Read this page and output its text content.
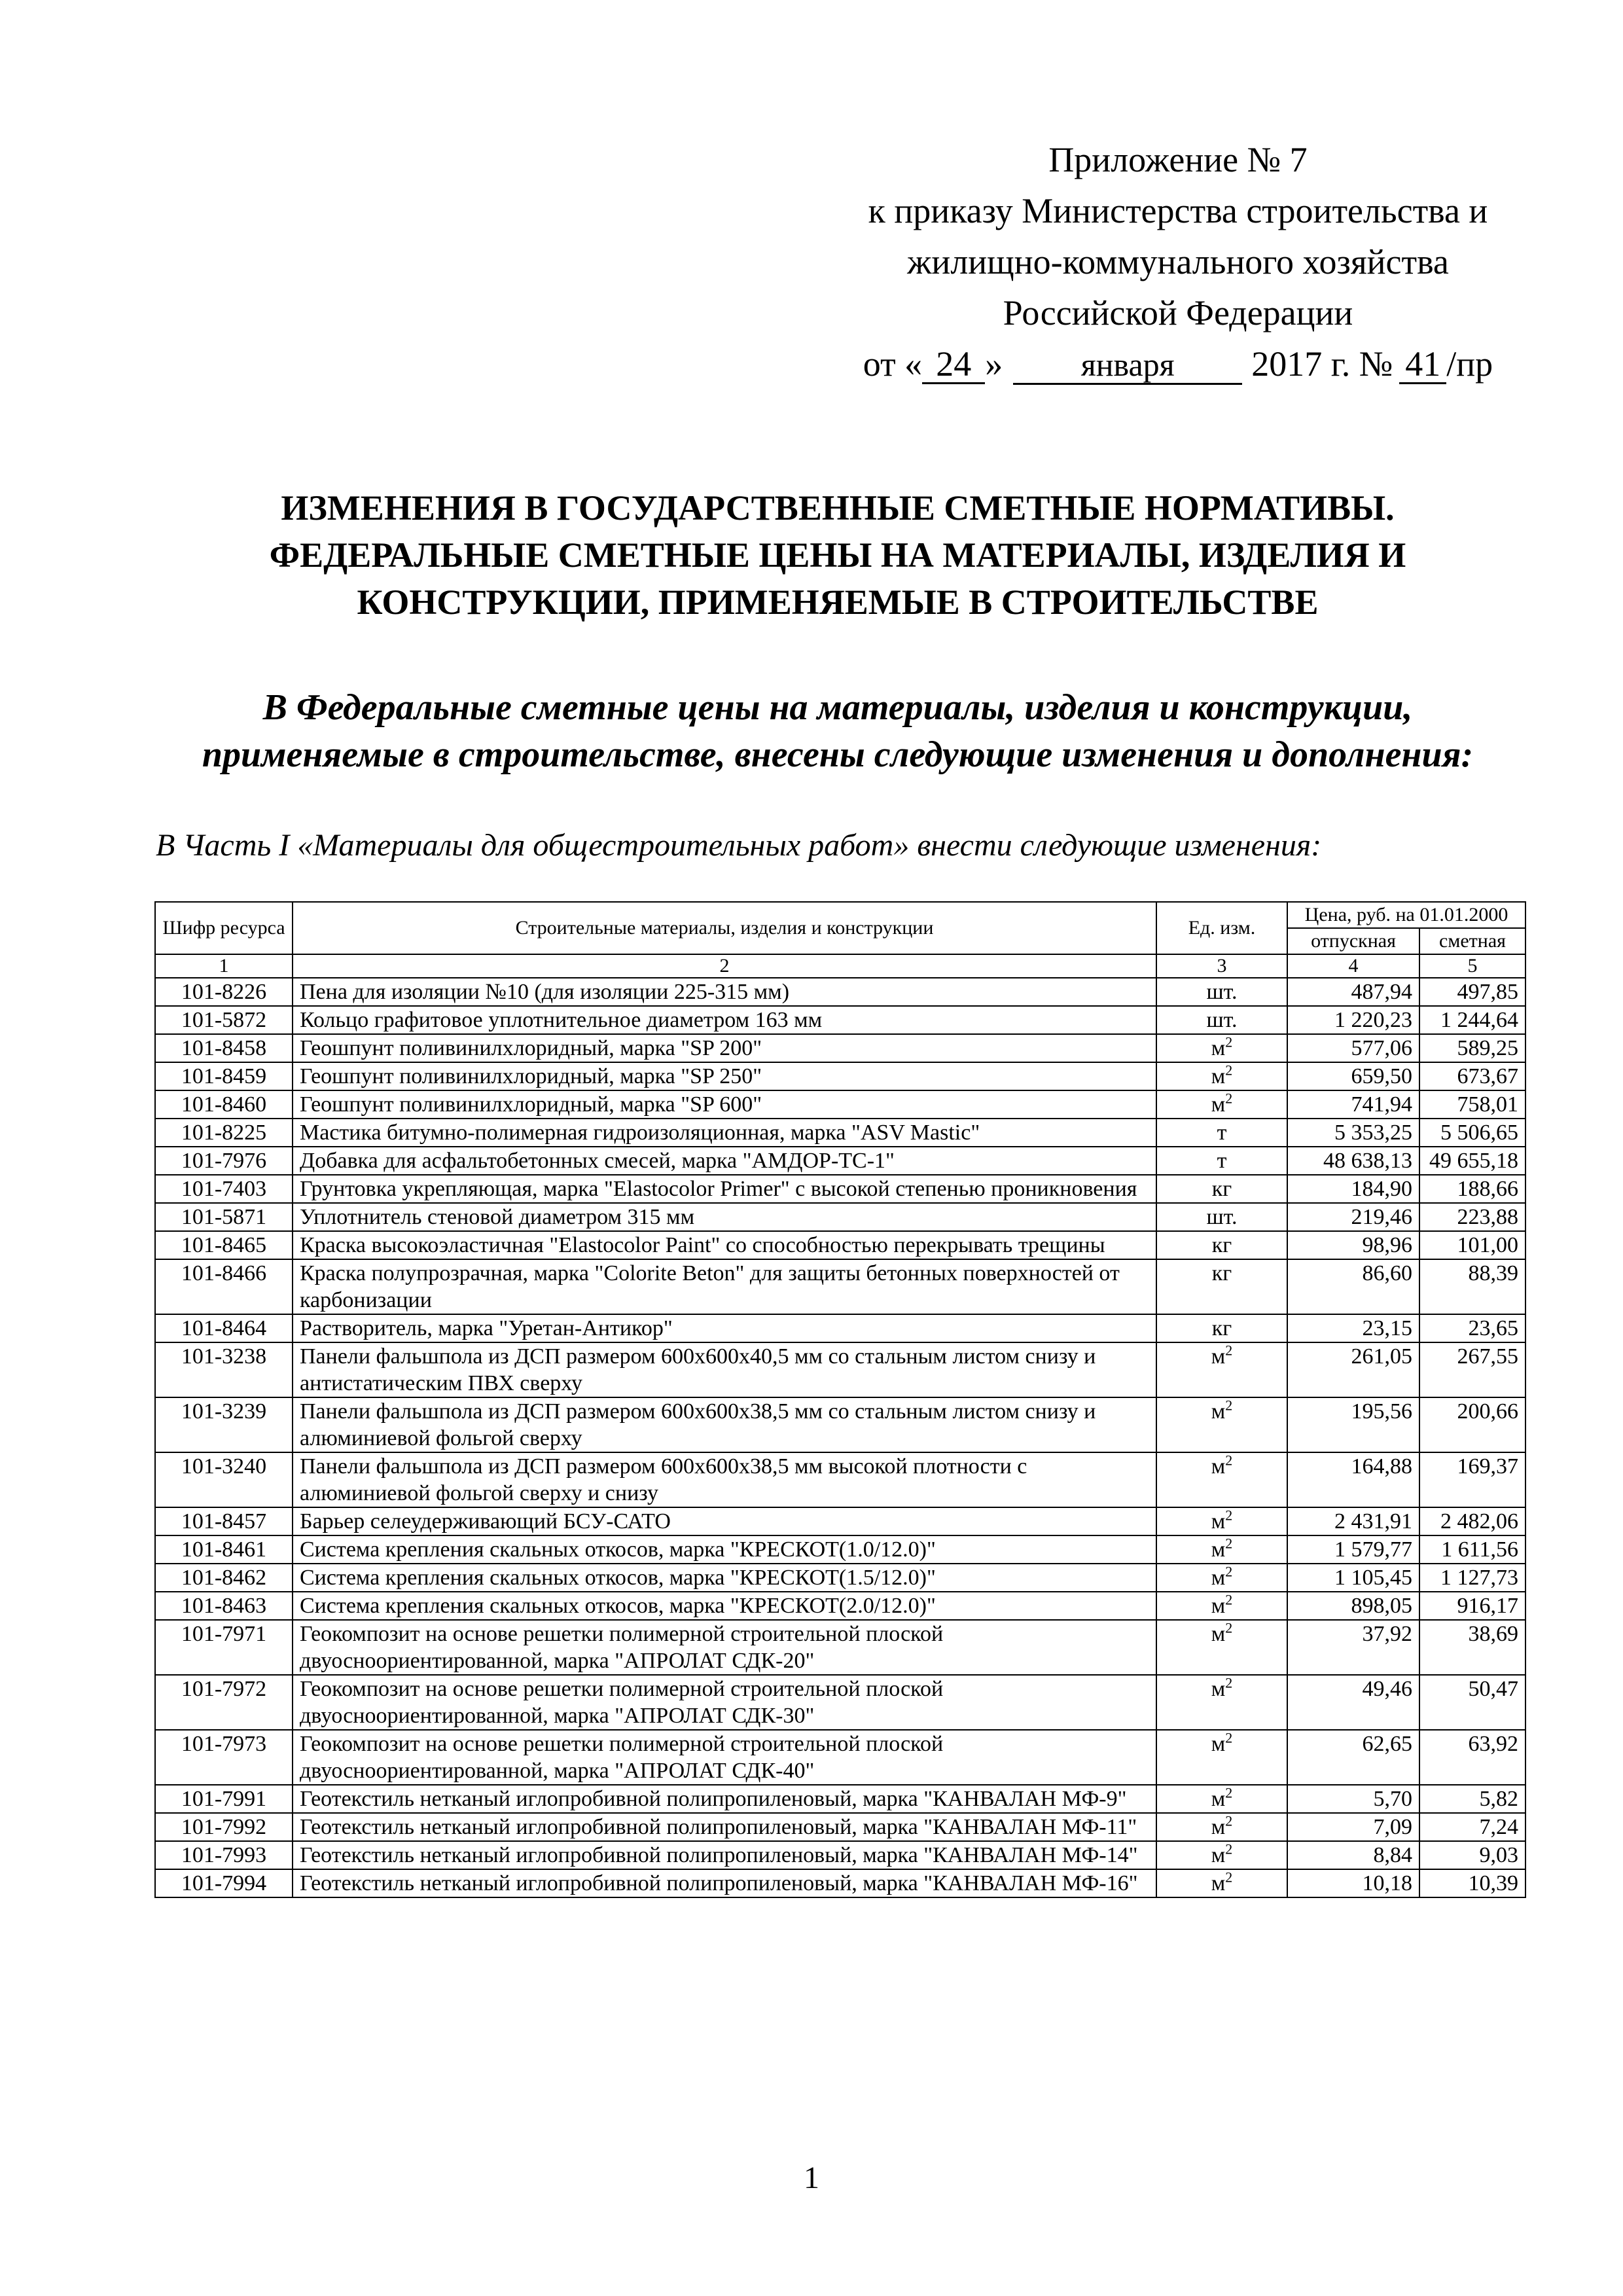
Приложение № 7
к приказу Министерства строительства и
жилищно-коммунального хозяйства
Российской Федерации
от « 24 »	января	2017 г. № 41 /пр
ИЗМЕНЕНИЯ В ГОСУДАРСТВЕННЫЕ СМЕТНЫЕ НОРМАТИВЫ.
ФЕДЕРАЛЬНЫЕ СМЕТНЫЕ ЦЕНЫ НА МАТЕРИАЛЫ, ИЗДЕЛИЯ И
КОНСТРУКЦИИ, ПРИМЕНЯЕМЫЕ В СТРОИТЕЛЬСТВЕ
В Федеральные сметные цены на материалы, изделия и конструкции,
применяемые в строительстве, внесены следующие изменения и дополнения:
В Часть I «Материалы для общестроительных работ» внести следующие изменения:
Шифр ресурса	Строительные материалы, изделия и конструкции	Ед. изм.	Цена, руб. на 01.01.2000	
			отпускная	сметная
1	2	3	4	5
101-8226	Пена для изоляции №10 (для изоляции 225-315 мм)	шт.	487,94	497,85
101-5872	Кольцо графитовое уплотнительное диаметром 163 мм	шт.	1 220,23	1 244,64
101-8458	Геошпунт поливинилхлоридный, марка "SP 200"	$м^2$	577,06	589,25
101-8459	Геошпунт поливинилхлоридный, марка "SP 250"	$м^2$	659,50	673,67
101-8460	Геошпунт поливинилхлоридный, марка "SP 600"	$м^2$	741,94	758,01
101-8225	Мастика битумно-полимерная гидроизоляционная, марка "ASV Mastic"	т	5 353,25	5 506,65
101-7976	Добавка для асфальтобетонных смесей, марка "АМДОР-ТС-1"	т	48 638,13	49 655,18
101-7403	Грунтовка укрепляющая, марка "Elastocolor Primer" с высокой степенью проникновения	кг	184,90	188,66
101-5871	Уплотнитель стеновой диаметром 315 мм	шт.	219,46	223,88
101-8465	Краска высокоэластичная "Elastocolor Paint" со способностью перекрывать трещины	кг	98,96	101,00
101-8466	Краска полупрозрачная, марка "Colorite Beton" для защиты бетонных поверхностей от карбонизации	кг	86,60	88,39
101-8464	Растворитель, марка "Уретан-Антикор"	кг	23,15	23,65
101-3238	Панели фальшпола из ДСП размером 600x600x40,5 мм со стальным листом снизу и антистатическим ПВХ сверху	$м^2$	261,05	267,55
101-3239	Панели фальшпола из ДСП размером 600x600x38,5 мм со стальным листом снизу и алюминиевой фольгой сверху	$м^2$	195,56	200,66
101-3240	Панели фальшпола из ДСП размером 600x600x38,5 мм высокой плотности с алюминиевой фольгой сверху и снизу	$м^2$	164,88	169,37
101-8457	Барьер селеудерживающий БСУ-САТО	$м^2$	2 431,91	2 482,06
101-8461	Система крепления скальных откосов, марка "КРЕСКОТ(1.0/12.0)"	$м^2$	1 579,77	1 611,56
101-8462	Система крепления скальных откосов, марка "КРЕСКОТ(1.5/12.0)"	$м^2$	1 105,45	1 127,73
101-8463	Система крепления скальных откосов, марка "КРЕСКОТ(2.0/12.0)"	$м^2$	898,05	916,17
101-7971	Геокомпозит на основе решетки полимерной строительной плоской двуосноориентированной, марка "АПРОЛАТ СДК-20"	$м^2$	37,92	38,69
101-7972	Геокомпозит на основе решетки полимерной строительной плоской двуосноориентированной, марка "АПРОЛАТ СДК-30"	$м^2$	49,46	50,47
101-7973	Геокомпозит на основе решетки полимерной строительной плоской двуосноориентированной, марка "АПРОЛАТ СДК-40"	$м^2$	62,65	63,92
101-7991	Геотекстиль нетканый иглопробивной полипропиленовый, марка "КАНВАЛАН МФ-9"	$м^2$	5,70	5,82
101-7992	Геотекстиль нетканый иглопробивной полипропиленовый, марка "КАНВАЛАН МФ-11"	$м^2$	7,09	7,24
101-7993	Геотекстиль нетканый иглопробивной полипропиленовый, марка "КАНВАЛАН МФ-14"	$м^2$	8,84	9,03
101-7994	Геотекстиль нетканый иглопробивной полипропиленовый, марка "КАНВАЛАН МФ-16"	$м^2$	10,18	10,39
1
